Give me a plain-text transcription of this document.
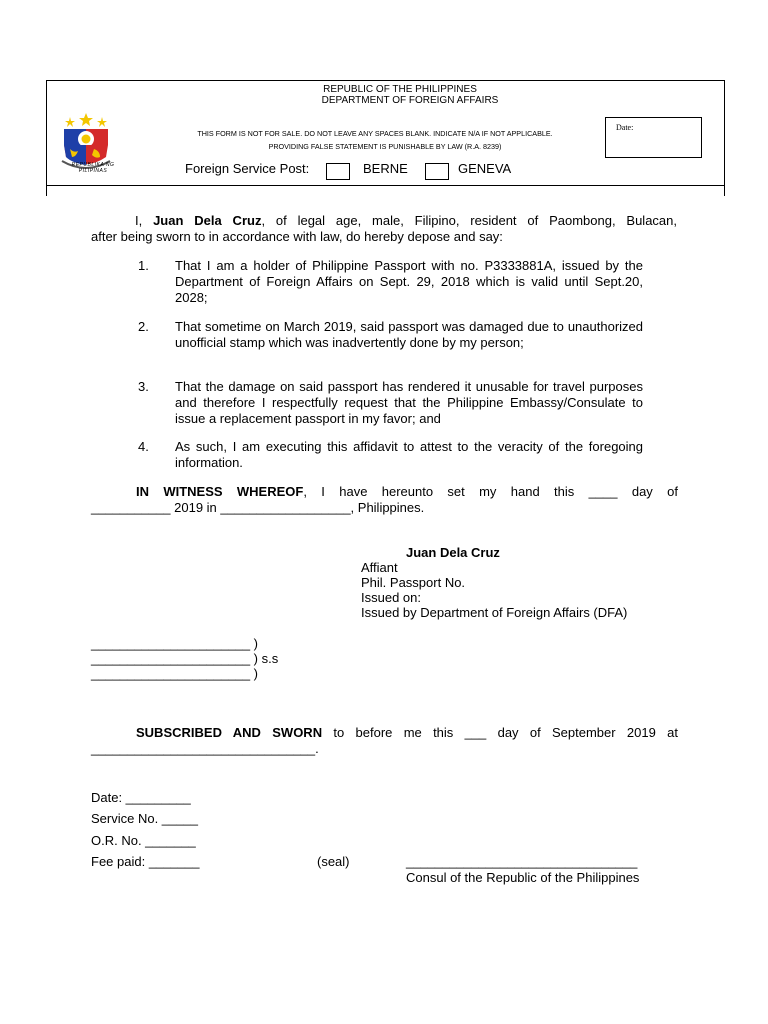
REPUBLIKA NG PILIPINAS
REPUBLIC OF THE PHILIPPINES
DEPARTMENT OF FOREIGN AFFAIRS
THIS FORM IS NOT FOR SALE. DO NOT LEAVE ANY SPACES BLANK. INDICATE N/A IF NOT APPLICABLE.
PROVIDING FALSE STATEMENT IS PUNISHABLE BY LAW (R.A. 8239)
Date:
Foreign Service Post:	BERNE	GENEVA
I, Juan Dela Cruz, of legal age, male, Filipino, resident of Paombong, Bulacan,
after being sworn to in accordance with law, do hereby depose and say:
1. That I am a holder of Philippine Passport with no. P3333881A, issued by the Department of Foreign Affairs on Sept. 29, 2018 which is valid until Sept.20, 2028;
2. That sometime on March 2019, said passport was damaged due to unauthorized unofficial stamp which was inadvertently done by my person;
3. That the damage on said passport has rendered it unusable for travel purposes and therefore I respectfully request that the Philippine Embassy/Consulate to issue a replacement passport in my favor; and
4. As such, I am executing this affidavit to attest to the veracity of the foregoing information.
IN WITNESS WHEREOF, I have hereunto set my hand this ____ day of
___________ 2019 in __________________, Philippines.
Juan Dela Cruz
Affiant
Phil. Passport No.
Issued on:
Issued by Department of Foreign Affairs (DFA)
______________________ )
______________________ ) s.s
______________________ )
SUBSCRIBED AND SWORN to before me this ___ day of September 2019 at
_______________________________.
Date: _________
Service No. _____
O.R. No. _______
Fee paid: _______	(seal)	________________________________
Consul of the Republic of the Philippines
